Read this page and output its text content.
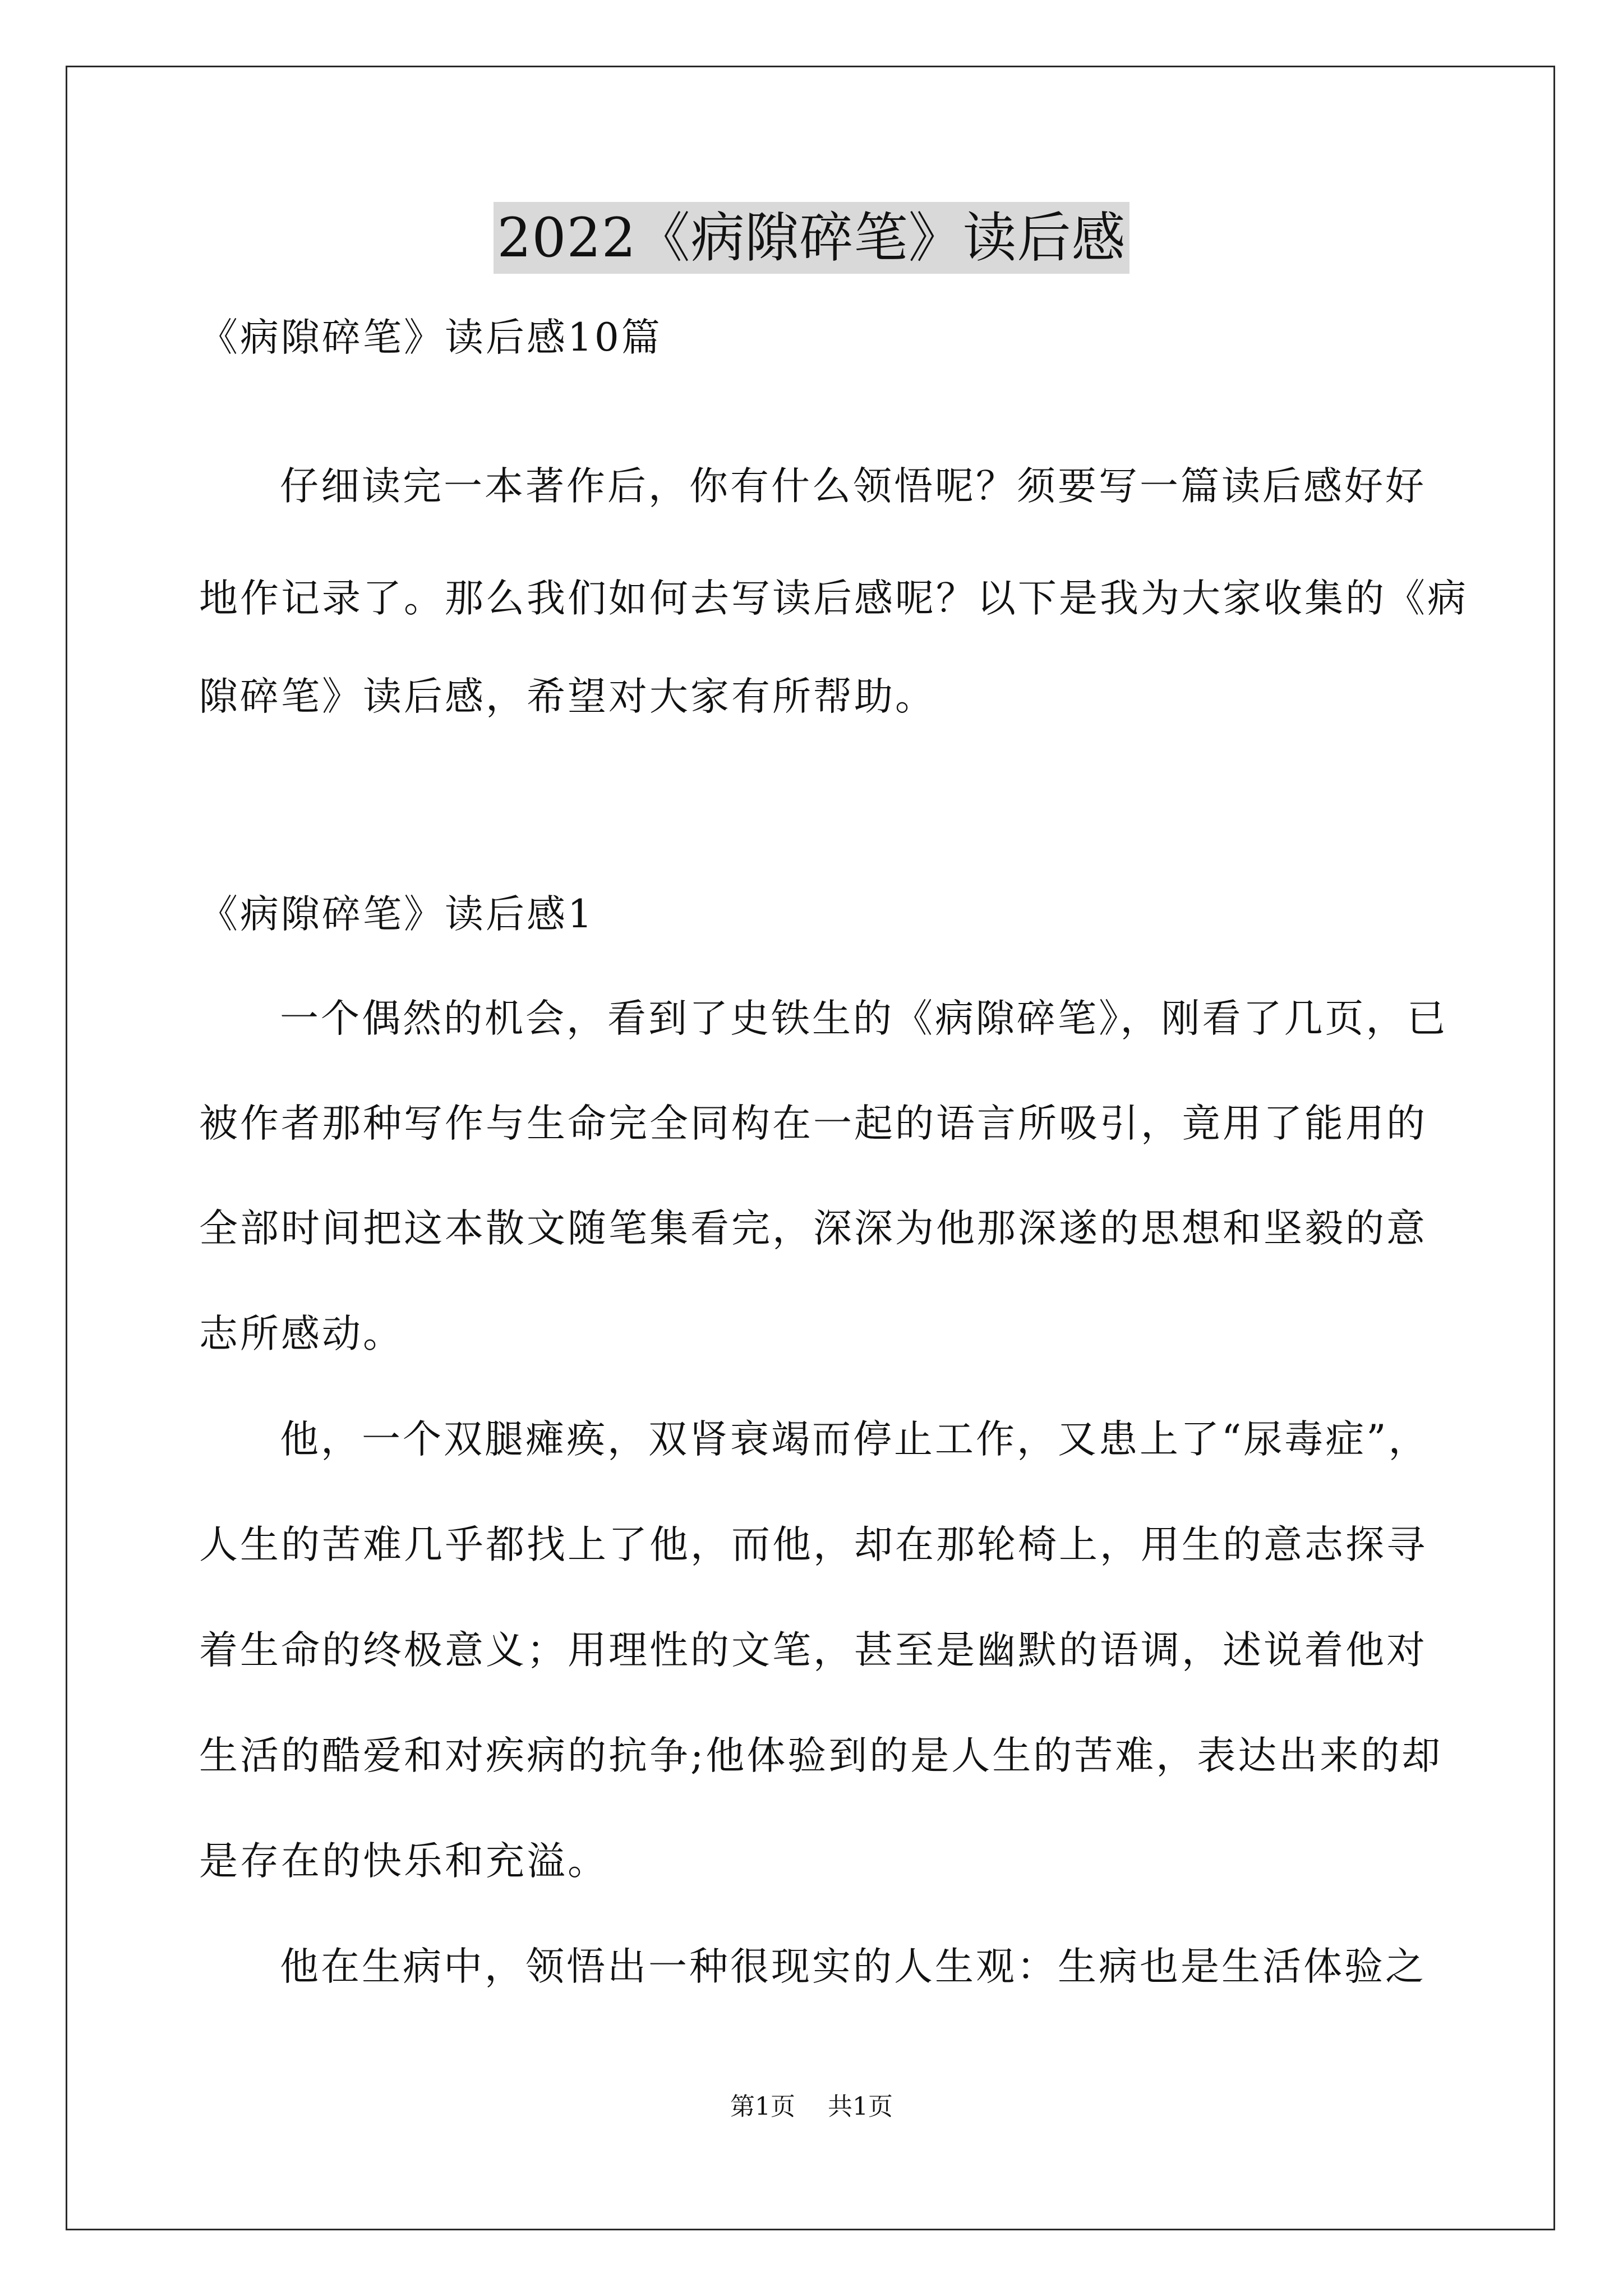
2022《病隙碎笔》读后感
《病隙碎笔》读后感10篇
仔细读完一本著作后，你有什么领悟呢？须要写一篇读后感好好
地作记录了。那么我们如何去写读后感呢？以下是我为大家收集的《病
隙碎笔》读后感，希望对大家有所帮助。
《病隙碎笔》读后感1
一个偶然的机会，看到了史铁生的《病隙碎笔》，刚看了几页，已
被作者那种写作与生命完全同构在一起的语言所吸引，竟用了能用的
全部时间把这本散文随笔集看完，深深为他那深遂的思想和坚毅的意
志所感动。
他，一个双腿瘫痪，双肾衰竭而停止工作，又患上了“尿毒症”，
人生的苦难几乎都找上了他，而他，却在那轮椅上，用生的意志探寻
着生命的终极意义；用理性的文笔，甚至是幽默的语调，述说着他对
生活的酷爱和对疾病的抗争;他体验到的是人生的苦难，表达出来的却
是存在的快乐和充溢。
他在生病中，领悟出一种很现实的人生观：生病也是生活体验之
第1页 共1页
